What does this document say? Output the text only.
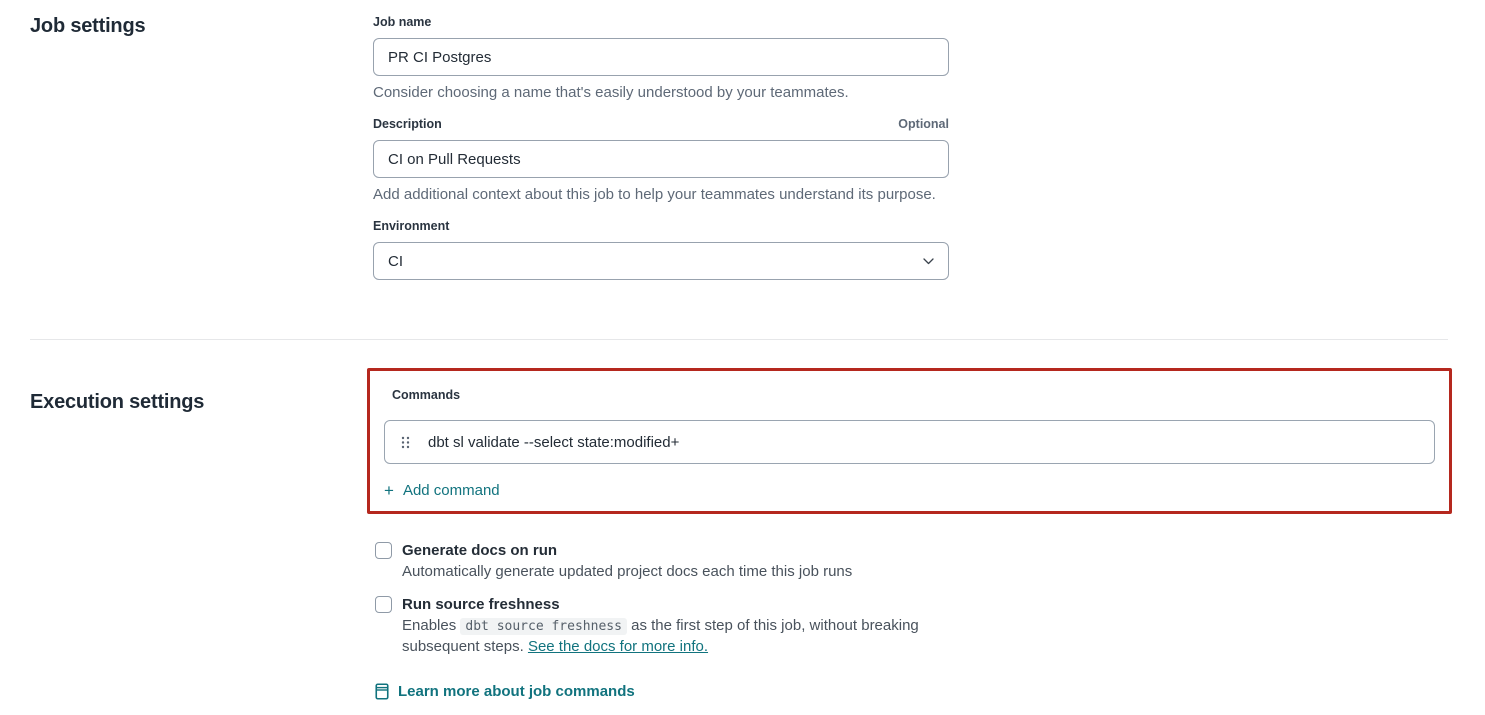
Job settings	Job name
PR CI Postgres

Consider choosing a name that's easily understood by your teammates.

Description	Optional
CI on Pull Requests

Add additional context about this job to help your teammates understand its purpose.

Environment
CI
Execution settings	Commands
dbt sl validate --select state:modified+
+ Add command
Generate docs on run
Automatically generate updated project docs each time this job runs
Run source freshness
Enables dbt source freshness as the first step of this job, without breaking subsequent steps. See the docs for more info.
Learn more about job commands
